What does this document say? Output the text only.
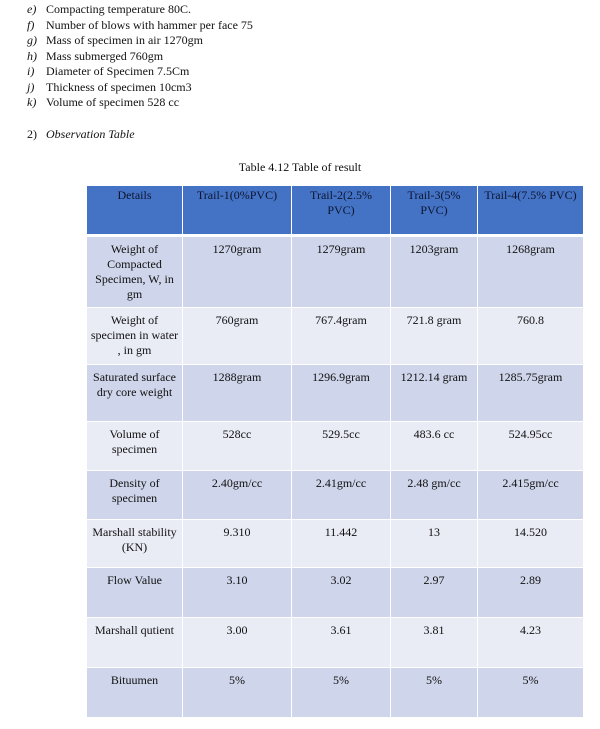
e) Compacting temperature 80C.
f) Number of blows with hammer per face 75
g) Mass of specimen in air 1270gm
h) Mass submerged 760gm
i) Diameter of Specimen 7.5Cm
j) Thickness of specimen 10cm3
k) Volume of specimen 528 cc
2) Observation Table
Table 4.12 Table of result
Details	Trail-1(0%PVC)	Trail-2(2.5% PVC)	Trail-3(5% PVC)	Trail-4(7.5% PVC)
Weight of Compacted Specimen, W, in gm	1270gram	1279gram	1203gram	1268gram
Weight of specimen in water , in gm	760gram	767.4gram	721.8 gram	760.8
Saturated surface dry core weight	1288gram	1296.9gram	1212.14 gram	1285.75gram
Volume of specimen	528cc	529.5cc	483.6 cc	524.95cc
Density of specimen	2.40gm/cc	2.41gm/cc	2.48 gm/cc	2.415gm/cc
Marshall stability (KN)	9.310	11.442	13	14.520
Flow Value	3.10	3.02	2.97	2.89
Marshall qutient	3.00	3.61	3.81	4.23
Bituumen	5%	5%	5%	5%
